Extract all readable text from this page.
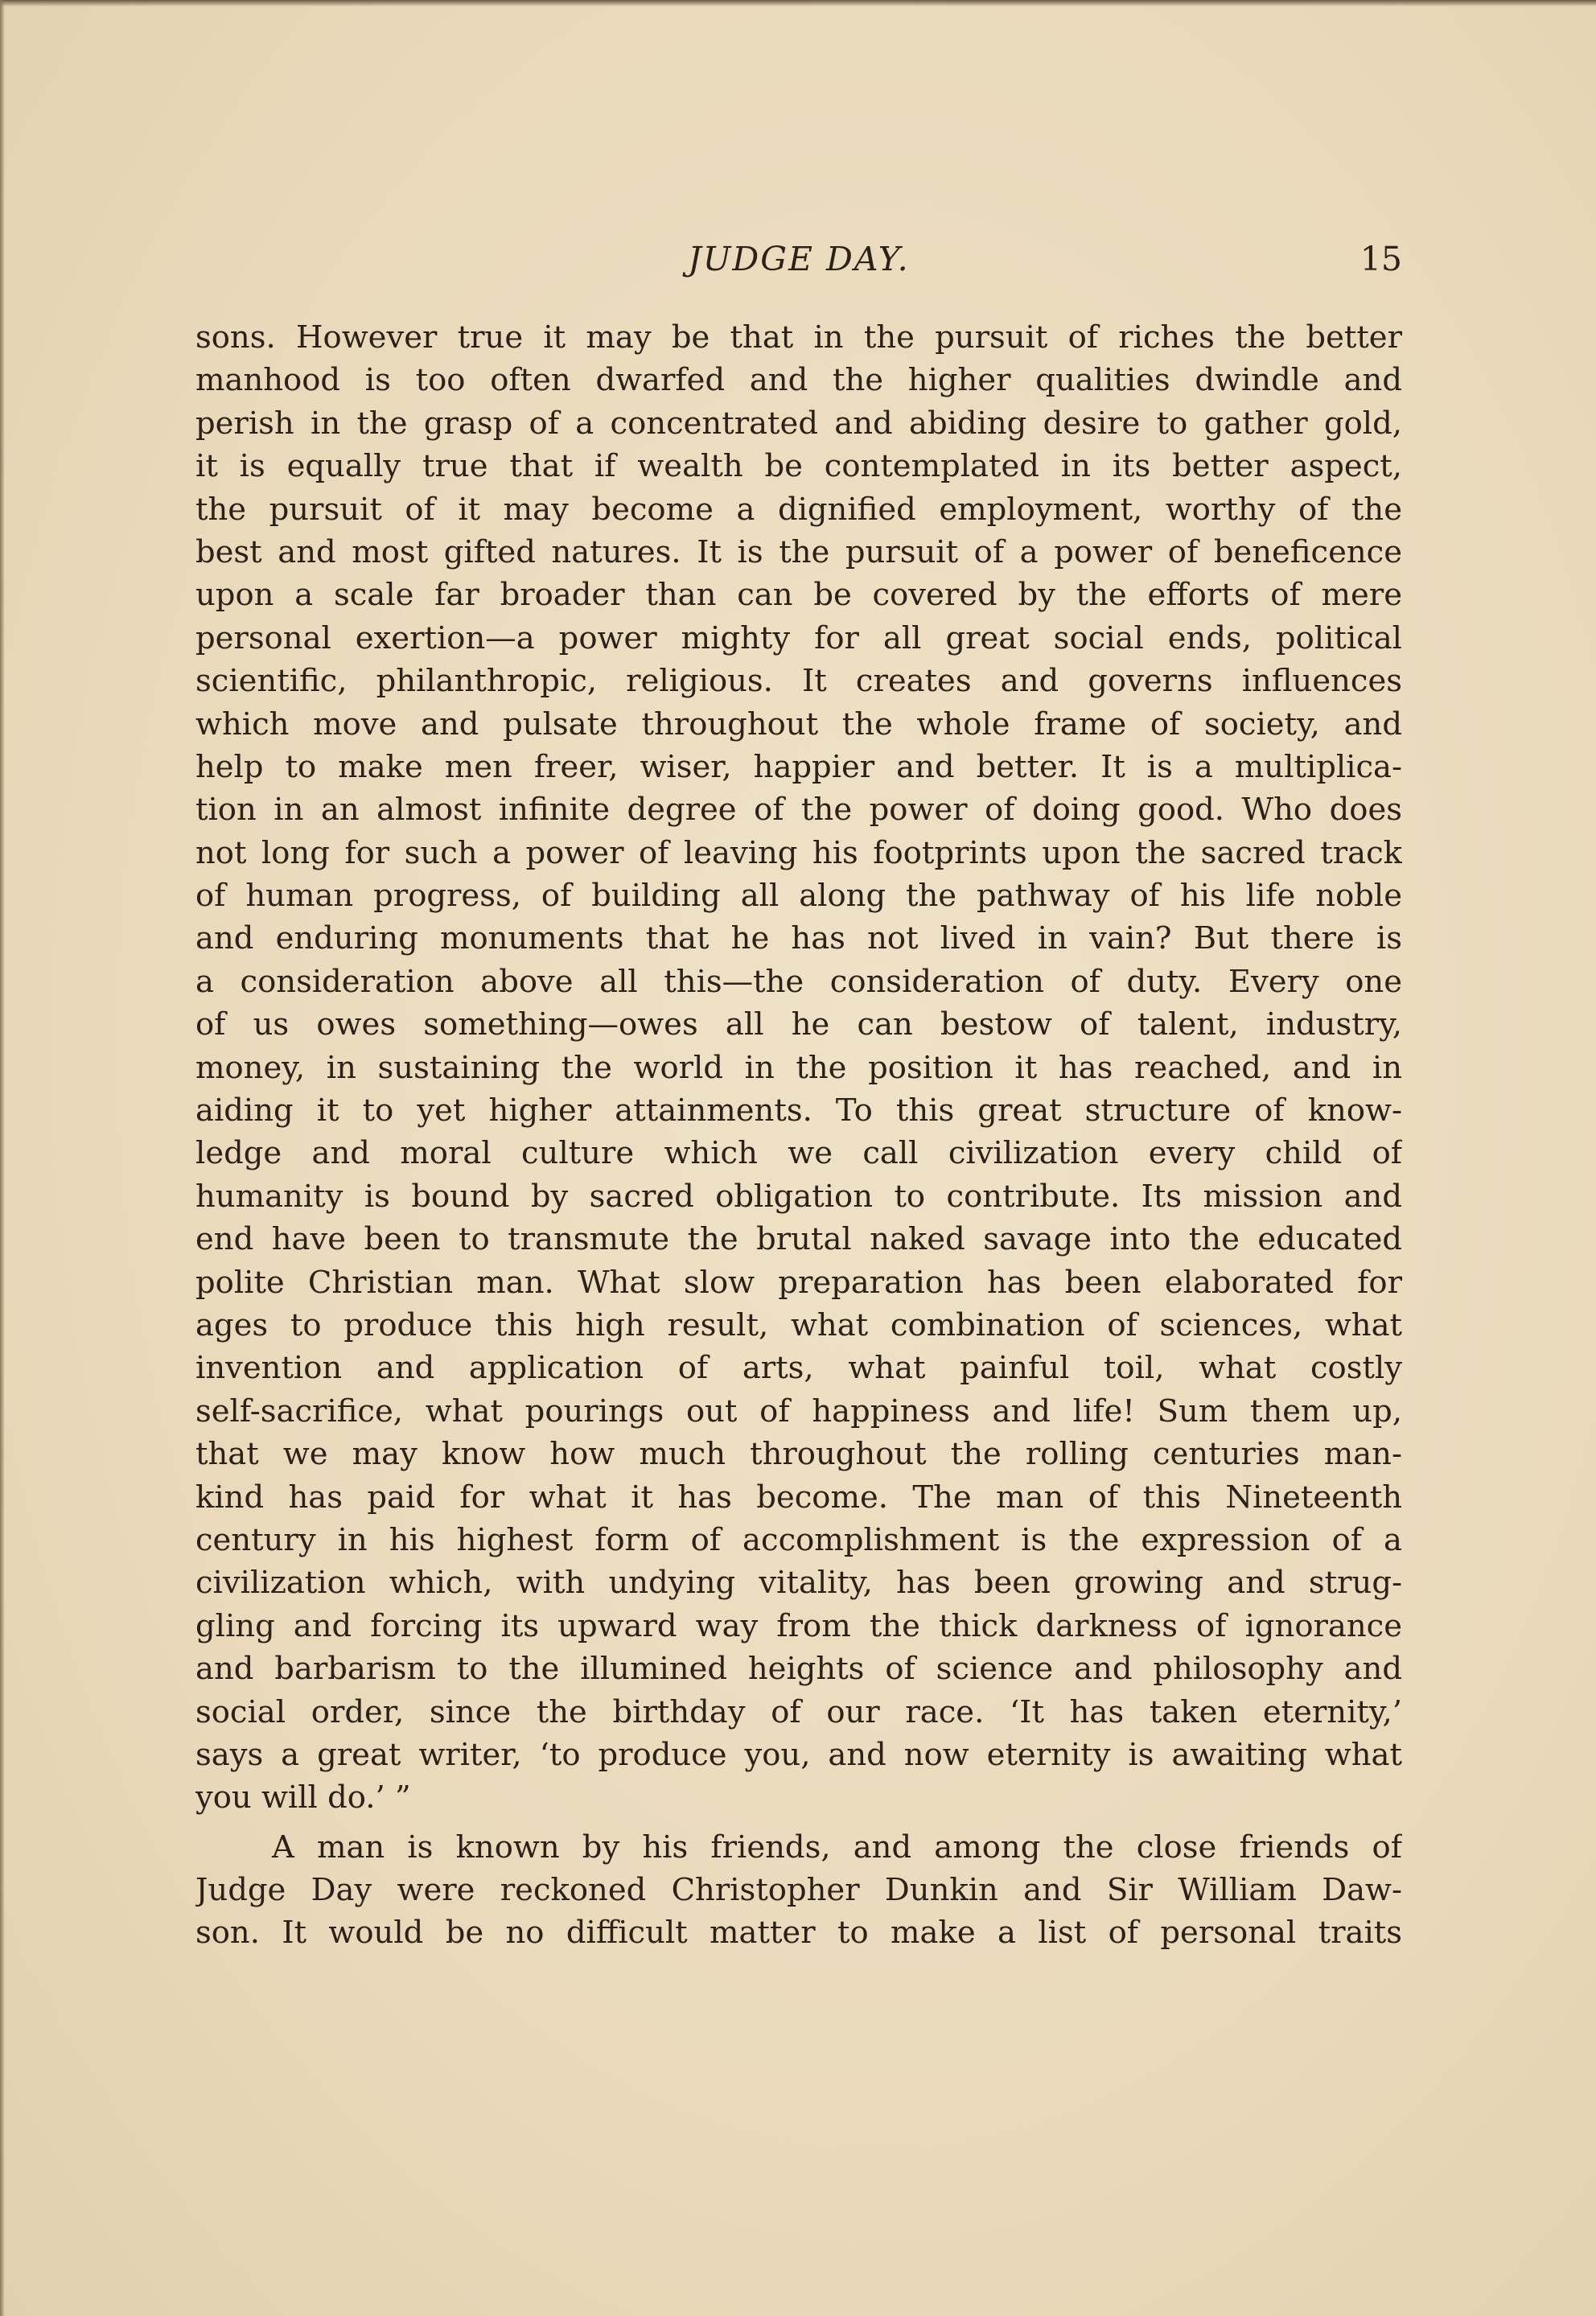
JUDGE DAY.	15
sons. However true it may be that in the pursuit of riches the better
manhood is too often dwarfed and the higher qualities dwindle and
perish in the grasp of a concentrated and abiding desire to gather gold,
it is equally true that if wealth be contemplated in its better aspect,
the pursuit of it may become a dignified employment, worthy of the
best and most gifted natures. It is the pursuit of a power of beneficence
upon a scale far broader than can be covered by the efforts of mere
personal exertion—a power mighty for all great social ends, political
scientific, philanthropic, religious. It creates and governs influences
which move and pulsate throughout the whole frame of society, and
help to make men freer, wiser, happier and better. It is a multiplica-
tion in an almost infinite degree of the power of doing good. Who does
not long for such a power of leaving his footprints upon the sacred track
of human progress, of building all along the pathway of his life noble
and enduring monuments that he has not lived in vain? But there is
a consideration above all this—the consideration of duty. Every one
of us owes something—owes all he can bestow of talent, industry,
money, in sustaining the world in the position it has reached, and in
aiding it to yet higher attainments. To this great structure of know-
ledge and moral culture which we call civilization every child of
humanity is bound by sacred obligation to contribute. Its mission and
end have been to transmute the brutal naked savage into the educated
polite Christian man. What slow preparation has been elaborated for
ages to produce this high result, what combination of sciences, what
invention and application of arts, what painful toil, what costly
self-sacrifice, what pourings out of happiness and life! Sum them up,
that we may know how much throughout the rolling centuries man-
kind has paid for what it has become. The man of this Nineteenth
century in his highest form of accomplishment is the expression of a
civilization which, with undying vitality, has been growing and strug-
gling and forcing its upward way from the thick darkness of ignorance
and barbarism to the illumined heights of science and philosophy and
social order, since the birthday of our race. ‘It has taken eternity,’
says a great writer, ‘to produce you, and now eternity is awaiting what
you will do.’ ”
A man is known by his friends, and among the close friends of
Judge Day were reckoned Christopher Dunkin and Sir William Daw-
son. It would be no difficult matter to make a list of personal traits
